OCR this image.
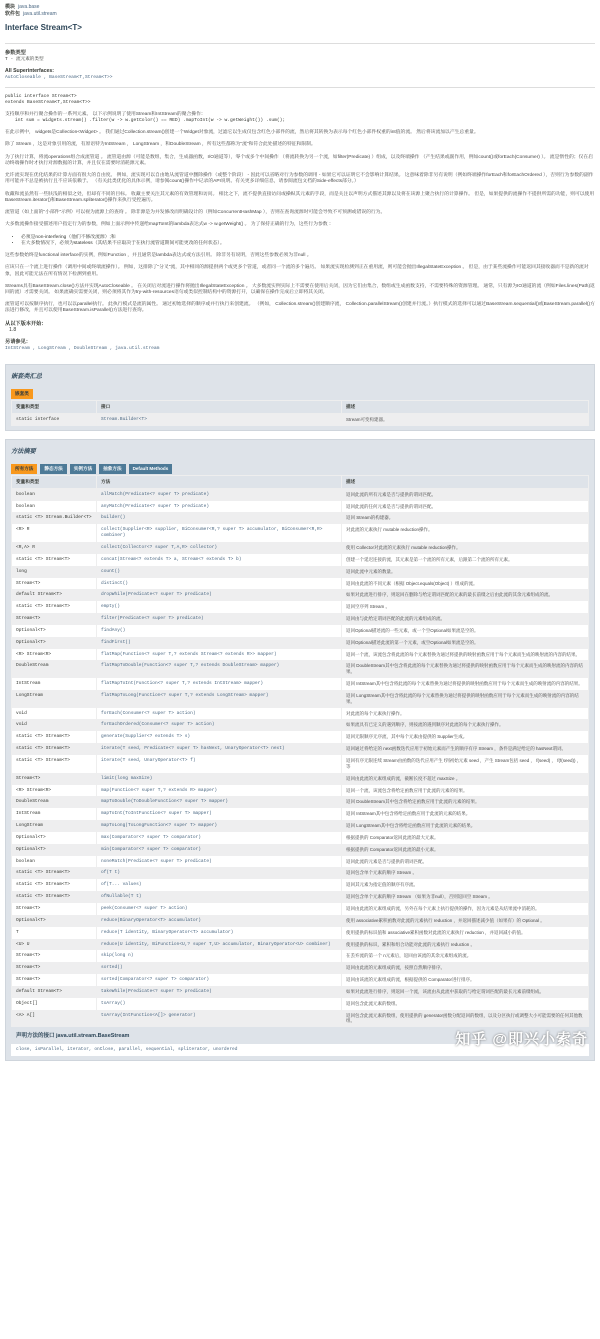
模块 java.base
软件包 java.util.stream
Interface Stream<T>
参数类型
T - 流元素的类型
All Superinterfaces:
AutoCloseable , BaseStream<T,Stream<T>>
public interface Stream<T>
extends BaseStream<T,Stream<T>>
支持顺序和并行聚合操作的一系列元素。 以下示例说明了使用Stream和IntStream的聚合操作：
int sum = widgets.stream() .filter(w -> w.getColor() == RED) .mapToInt(w -> w.getWeight()) .sum();
在此示例中， widgets是Collection<Widget> 。 我们通过Collection.stream()创建一个Widget对象流，过滤它以生成仅包含红色小部件的流，然后将其转换为表示每个红色小部件权重的int值的流。 然后将该流加以产生总重量。
除了 Stream ，这是对象引用的流，有原语特为IntStream ， LongStream ，和DoubleStream ，所有这些都称为"流"和符合此处描述的特征和限制。
为了执行计算，将流operations组合成流管道 。 流管道由源（可能是数组，集合，生成器函数，I/O通道等），零个或多个中间操作 （将流转换为另一个流，如filter(Predicate) ）组成，以及终端操作 （产生结果或副作用，例如count()或forEach(Consumer) ）。 流是惰性的；仅在启动终端操作时才执行对源数据的计算，并且仅在需要时消耗源元素。
允许流实现在优化结果的计算方面有很大的自由度。 例如，流实现可以自由地从流管道中删除操作（或整个阶段） - 因此可以省略对行为参数的调用 - 如果它可以证明它不会影响计算结果。 这意味着除非另有说明（例如终端操作forEach和forEachOrdered ），否则行为参数的副作用可能并不总是被执行且不应该依赖于。 （有关此类优化的具体示例，请参阅count()操作中记录的API说明。有关更多详细信息，请参阅流包文档的Side-effects部分。）
收藏和流虽然有一些肤浅的相似之处，但却有不同的目标。 收藏主要关注其元素的有效管理和访问。 相比之下，流不提供直接访问或操纵其元素的手段，而是关注以声明方式描述其源以及将在该源上聚合执行的计算操作。 但是，如果提供的流操作不提供所需的功能，则可以使用BaseStream.iterator()和BaseStream.spliterator()操作来执行受控遍历。
流管道（如上面的"小部件"示例）可以视为流源上的查询 。 除非源是为并发修改而明确设计的（例如ConcurrentHashMap ），否则在查询流源时可能会导致不可预测或错误的行为。
大多数流操作接受描述用户指定行为的参数，例如上面示例中传递给mapToInt的lambda表达式w -> w.getWeight() 。 为了保持正确的行为，这些行为参数 ：
• 必须是non-interfering（他们不修改流源）;和
• 在大多数情况下，必须为stateless（其结果不应取决于在执行流管道期间可能更改的任何状态）。
这些参数始终是functional interface的实例，例如Function ，并且通常是lambda表达式或方法引用。 除非另有说明，否则这些参数必须为非null 。
应该只在一个流上进行操作（调用中间或终端流操作）。 例如，这排除了"分叉"流，其中相同的源提供两个或更多个管道，或者同一个流的多个遍历。 如果流实现检测到正在重用流，则可能会抛出IllegalStateException 。 但是，由于某些流操作可能返回其接收器而不是新的流对象，因此可能无法在所有情况下检测到重用。
Streams具有BaseStream.close()方法并实现AutoCloseable 。 在关闭后对流进行操作将抛出IllegalStateException 。 大多数流实例实际上不需要在使用后关闭，因为它们由集合，数组或生成函数支持，不需要特殊的资源管理。 通常，只有源为IO通道的流（例如Files.lines(Path)返回的流）才需要关闭。 如果流确实需要关闭，则必须将其作为try-with-resources语句或类似控制结构中的资源打开，以确保在操作完成后立即将其关闭。
流管道可以按顺序执行，也可以以parallel执行。 此执行模式是流的属性。 通过初始选择的顺序或并行执行来创建流。 （例如， Collection.stream()创建顺序流， Collection.parallelStream()创建并行流。）执行模式的选择可以通过BaseStream.sequential()或BaseStream.parallel()方法进行修改，并且可以使用BaseStream.isParallel()方法进行查询。
从以下版本开始：
1.8
另请参见：
IntStream , LongStream , DoubleStream , java.util.stream
嵌套类汇总
嵌套类
变量和类型	接口	描述
static interface	Stream.Builder<T>	Stream可变构建器。
方法摘要
所有方法 静态方法 实例方法 抽象方法 Default Methods
变量和类型	方法	描述
boolean	allMatch(Predicate<? super T> predicate)	返回此流的所有元素是否与提供的谓词匹配。
boolean	anyMatch(Predicate<? super T> predicate)	返回此流的任何元素是否与提供的谓词匹配。
static <T> Stream.Builder<T>	builder()	返回 Stream的构建器。
<R> R	collect(Supplier<R> supplier, BiConsumer<R,? super T> accumulator, BiConsumer<R,R> combiner)	对此流的元素执行 mutable reduction操作。
<R,A> R	collect(Collector<? super T,A,R> collector)	使用 Collector对此流的元素执行 mutable reduction操作。
static <T> Stream<T>	concat(Stream<? extends T> a, Stream<? extends T> b)	创建一个延迟连接的流，其元素是第一个流的所有元素，后跟第二个流的所有元素。
long	count()	返回此流中元素的数量。
Stream<T>	distinct()	返回由此流的不同元素（根据 Object.equals(Object) ）组成的流。
default Stream<T>	dropWhile(Predicate<? super T> predicate)	如果对此流进行排序，则返回在删除与给定谓词匹配的元素的最长前缀之后由此流的其余元素组成的流。
static <T> Stream<T>	empty()	返回空序列 Stream 。
Stream<T>	filter(Predicate<? super T> predicate)	返回由与此给定谓词匹配的此流的元素组成的流。
Optional<T>	findAny()	返回Optional描述流的一些元素，或一个空Optional如果流是空的。
Optional<T>	findFirst()	返回Optional描述此流的第一个元素，或空Optional如果流是空的。
<R> Stream<R>	flatMap(Function<? super T,? extends Stream<? extends R>> mapper)	返回一个流，该流包含将此流的每个元素替换为通过将提供的映射函数应用于每个元素而生成的映射流的内容的结果。
DoubleStream	flatMapToDouble(Function<? super T,? extends DoubleStream> mapper)	返回 DoubleStream其中包含将此流的每个元素替换为通过将提供的映射函数应用于每个元素而生成的映射流的内容的结果。
IntStream	flatMapToInt(Function<? super T,? extends IntStream> mapper)	返回 IntStream其中包含将此流的每个元素替换为通过将提供的映射函数应用于每个元素而生成的映射流的内容的结果。
LongStream	flatMapToLong(Function<? super T,? extends LongStream> mapper)	返回 LongStream其中包含将此流的每个元素替换为通过将提供的映射函数应用于每个元素而生成的映射流的内容的结果。
void	forEach(Consumer<? super T> action)	对此流的每个元素执行操作。
void	forEachOrdered(Consumer<? super T> action)	如果流具有已定义的遇到顺序，则按流的遇到顺序对此流的每个元素执行操作。
static <T> Stream<T>	generate(Supplier<? extends T> s)	返回无限顺序无序流，其中每个元素由提供的 Supplier生成。
static <T> Stream<T>	iterate(T seed, Predicate<? super T> hasNext, UnaryOperator<T> next)	返回通过将给定的 next函数迭代应用于初始元素而产生的顺序有序 Stream ，条件是满足给定的 hasNext谓词。
static <T> Stream<T>	iterate(T seed, UnaryOperator<T> f)	返回有序无限连续 Stream由函数的迭代应用产生 f到初始元素 seed ，产生 Stream包括 seed ， f(seed) ， f(f(seed)) ，等
Stream<T>	limit(long maxSize)	返回由此流的元素组成的流，截断长度不超过 maxSize 。
<R> Stream<R>	map(Function<? super T,? extends R> mapper)	返回一个流，该流包含将给定函数应用于此流的元素的结果。
DoubleStream	mapToDouble(ToDoubleFunction<? super T> mapper)	返回 DoubleStream其中包含将给定函数应用于此流的元素的结果。
IntStream	mapToInt(ToIntFunction<? super T> mapper)	返回 IntStream其中包含将给定函数应用于此流的元素的结果。
LongStream	mapToLong(ToLongFunction<? super T> mapper)	返回 LongStream其中包含将给定函数应用于此流的元素的结果。
Optional<T>	max(Comparator<? super T> comparator)	根据提供的 Comparator返回此流的最大元素。
Optional<T>	min(Comparator<? super T> comparator)	根据提供的 Comparator返回此流的最小元素。
boolean	noneMatch(Predicate<? super T> predicate)	返回此流的元素是否与提供的谓词匹配。
static <T> Stream<T>	of(T t)	返回包含单个元素的顺序 Stream 。
static <T> Stream<T>	of(T... values)	返回其元素为指定值的顺序有序流。
static <T> Stream<T>	ofNullable(T t)	返回包含单个元素的顺序 Stream （如果为非null），否则返回空 Stream 。
Stream<T>	peek(Consumer<? super T> action)	返回由此流的元素组成的流，另外在每个元素上执行提供的操作，因为元素是从结果流中消耗的。
Optional<T>	reduce(BinaryOperator<T> accumulator)	使用 associative累积函数对此流的元素执行 reduction ，并返回描述减少值（如果有）的 Optional 。
T	reduce(T identity, BinaryOperator<T> accumulator)	使用提供的标识值和 associative累积函数对此流的元素执行 reduction ，并返回减小的值。
<U> U	reduce(U identity, BiFunction<U,? super T,U> accumulator, BinaryOperator<U> combiner)	使用提供的标识，累积和组合功能对此流的元素执行 reduction 。
Stream<T>	skip(long n)	在丢弃流的第一个 n元素后，返回由该流的其余元素组成的流。
Stream<T>	sorted()	返回由此流的元素组成的流，按照自然顺序排序。
Stream<T>	sorted(Comparator<? super T> comparator)	返回由该流的元素组成的流，根据提供的 Comparator进行排序。
default Stream<T>	takeWhile(Predicate<? super T> predicate)	如果对此流进行排序，则返回一个流，该流由从此流中获取的与给定谓词匹配的最长元素前缀组成。
Object[]	toArray()	返回包含此流元素的数组。
<A> A[]	toArray(IntFunction<A[]> generator)	返回包含此流元素的数组，使用提供的 generator函数分配返回的数组，以及分区执行或调整大小可能需要的任何其他数组。
声明方法的接口 java.util.stream.BaseStream
close, isParallel, iterator, onClose, parallel, sequential, spliterator, unordered
知乎 @即兴小索奇
